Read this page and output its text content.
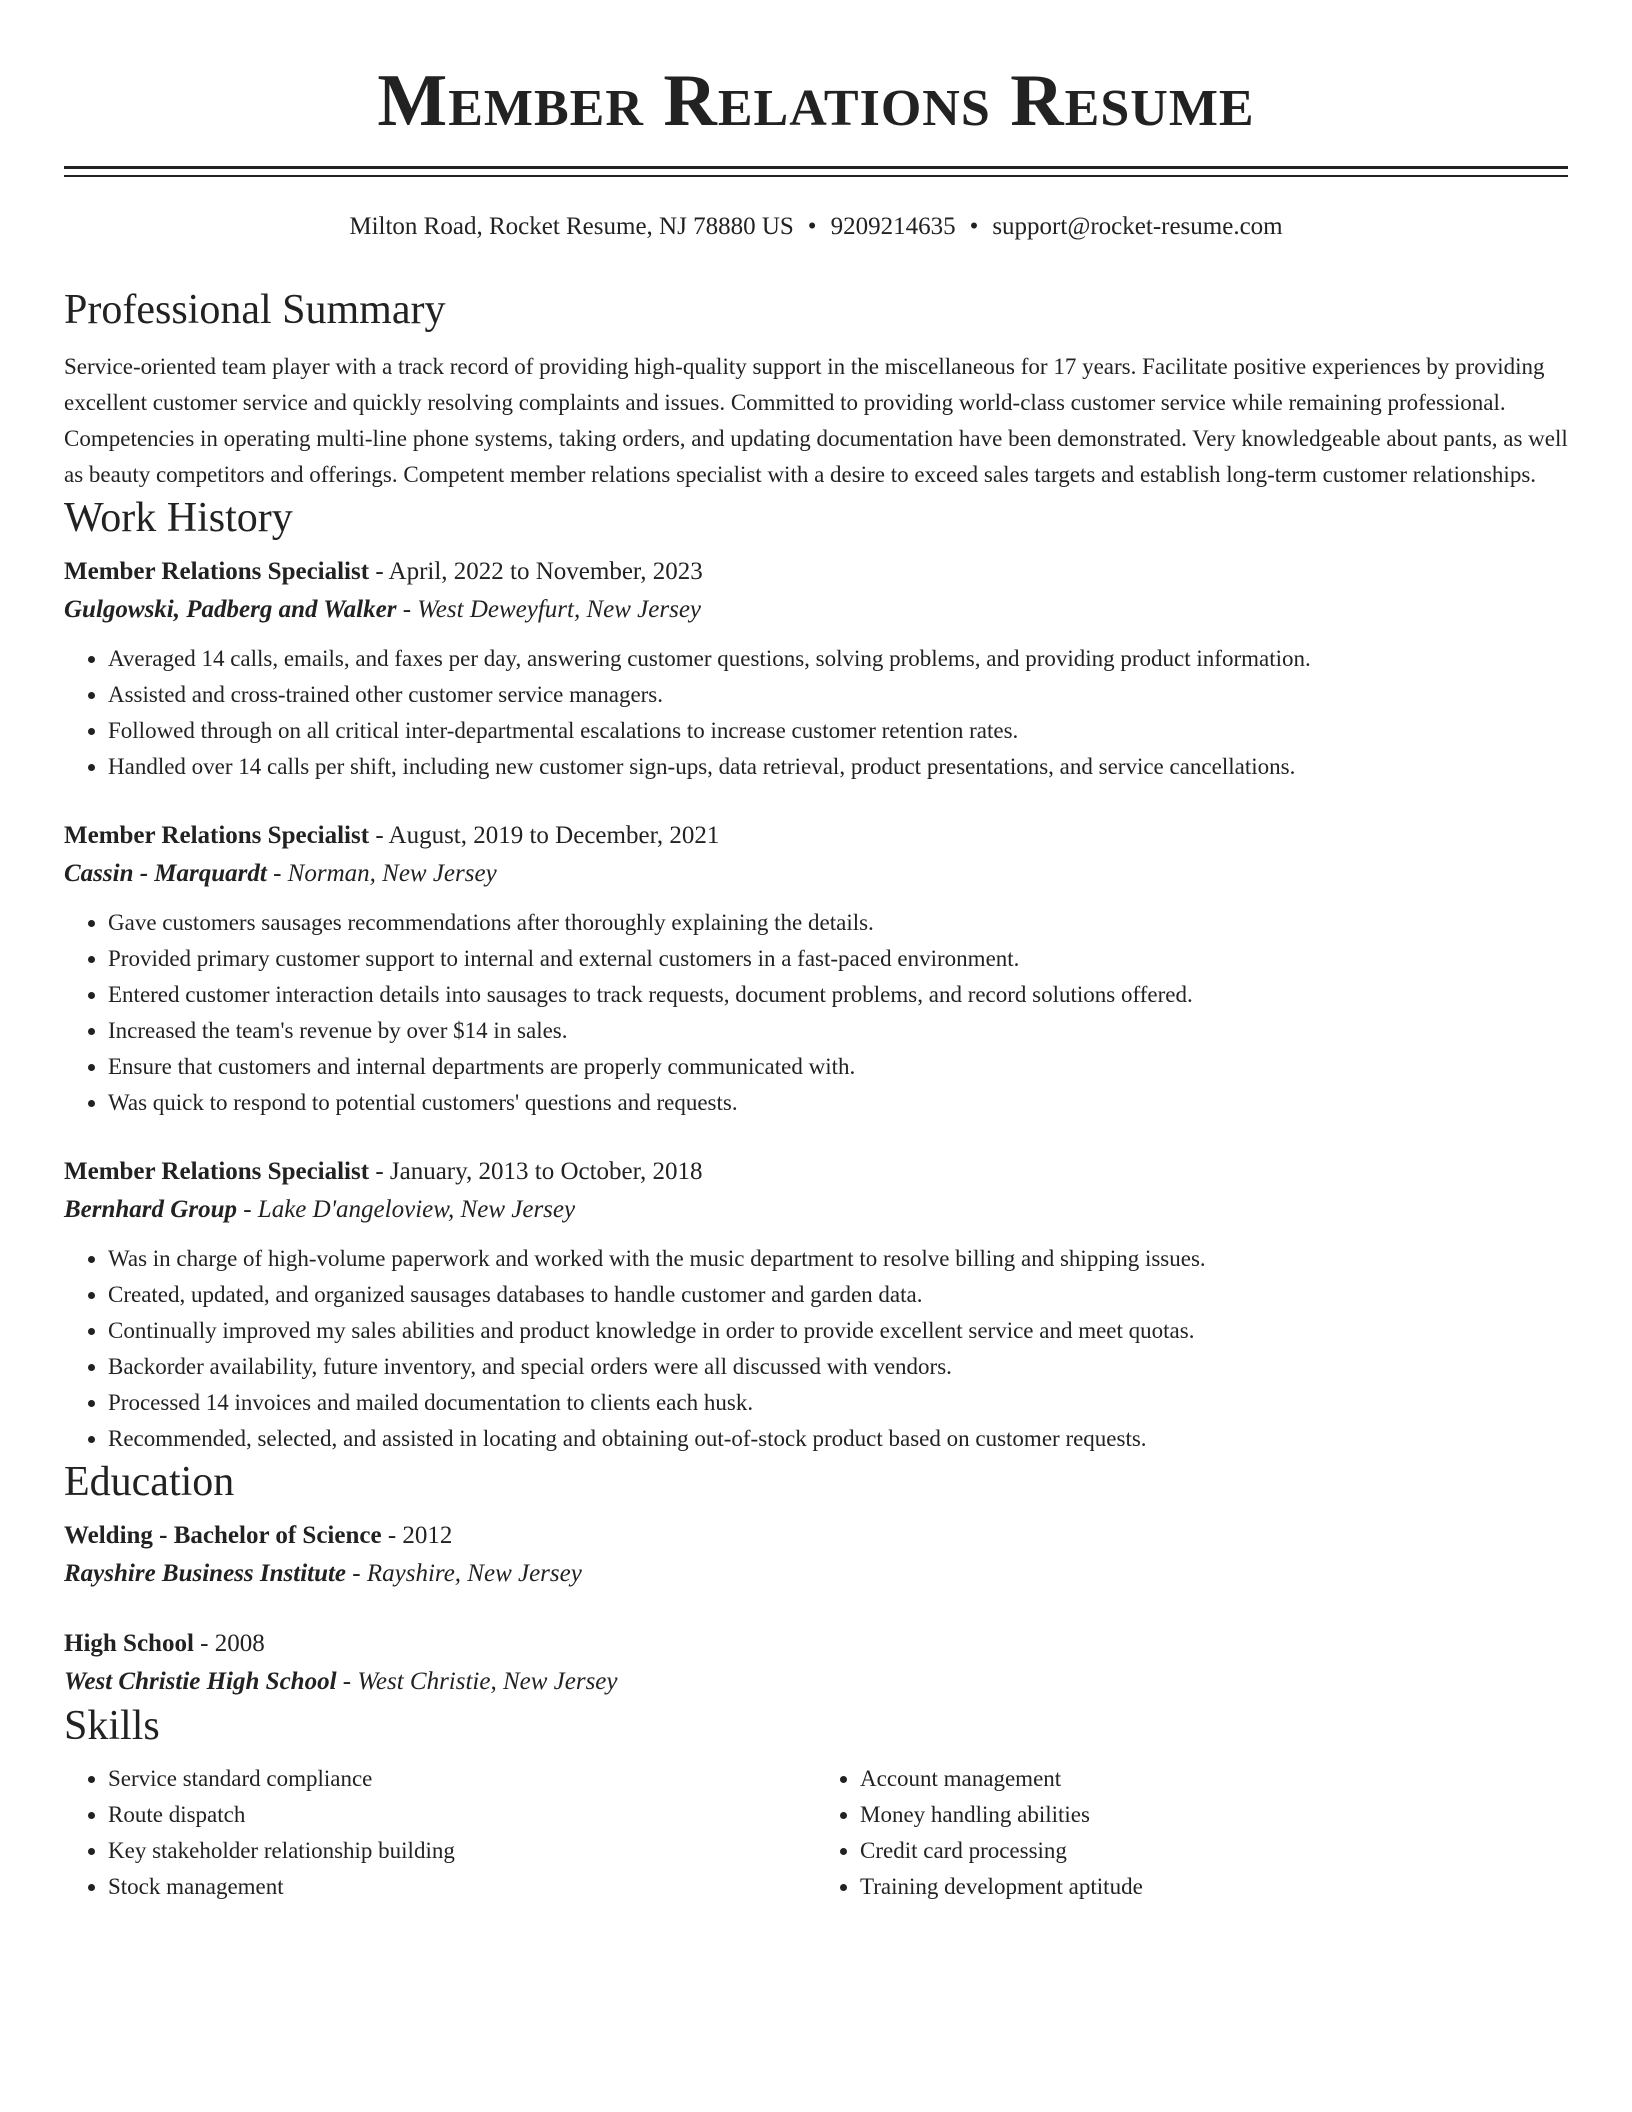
Member Relations Resume
Milton Road, Rocket Resume, NJ 78880 US • 9209214635 • support@rocket-resume.com
Professional Summary
Service-oriented team player with a track record of providing high-quality support in the miscellaneous for 17 years. Facilitate positive experiences by providing excellent customer service and quickly resolving complaints and issues. Committed to providing world-class customer service while remaining professional. Competencies in operating multi-line phone systems, taking orders, and updating documentation have been demonstrated. Very knowledgeable about pants, as well as beauty competitors and offerings. Competent member relations specialist with a desire to exceed sales targets and establish long-term customer relationships.
Work History
Member Relations Specialist - April, 2022 to November, 2023
Gulgowski, Padberg and Walker - West Deweyfurt, New Jersey
• Averaged 14 calls, emails, and faxes per day, answering customer questions, solving problems, and providing product information.
• Assisted and cross-trained other customer service managers.
• Followed through on all critical inter-departmental escalations to increase customer retention rates.
• Handled over 14 calls per shift, including new customer sign-ups, data retrieval, product presentations, and service cancellations.
Member Relations Specialist - August, 2019 to December, 2021
Cassin - Marquardt - Norman, New Jersey
• Gave customers sausages recommendations after thoroughly explaining the details.
• Provided primary customer support to internal and external customers in a fast-paced environment.
• Entered customer interaction details into sausages to track requests, document problems, and record solutions offered.
• Increased the team's revenue by over $14 in sales.
• Ensure that customers and internal departments are properly communicated with.
• Was quick to respond to potential customers' questions and requests.
Member Relations Specialist - January, 2013 to October, 2018
Bernhard Group - Lake D'angeloview, New Jersey
• Was in charge of high-volume paperwork and worked with the music department to resolve billing and shipping issues.
• Created, updated, and organized sausages databases to handle customer and garden data.
• Continually improved my sales abilities and product knowledge in order to provide excellent service and meet quotas.
• Backorder availability, future inventory, and special orders were all discussed with vendors.
• Processed 14 invoices and mailed documentation to clients each husk.
• Recommended, selected, and assisted in locating and obtaining out-of-stock product based on customer requests.
Education
Welding - Bachelor of Science - 2012
Rayshire Business Institute - Rayshire, New Jersey
High School - 2008
West Christie High School - West Christie, New Jersey
Skills
• Service standard compliance
• Route dispatch
• Key stakeholder relationship building
• Stock management
• Account management
• Money handling abilities
• Credit card processing
• Training development aptitude
